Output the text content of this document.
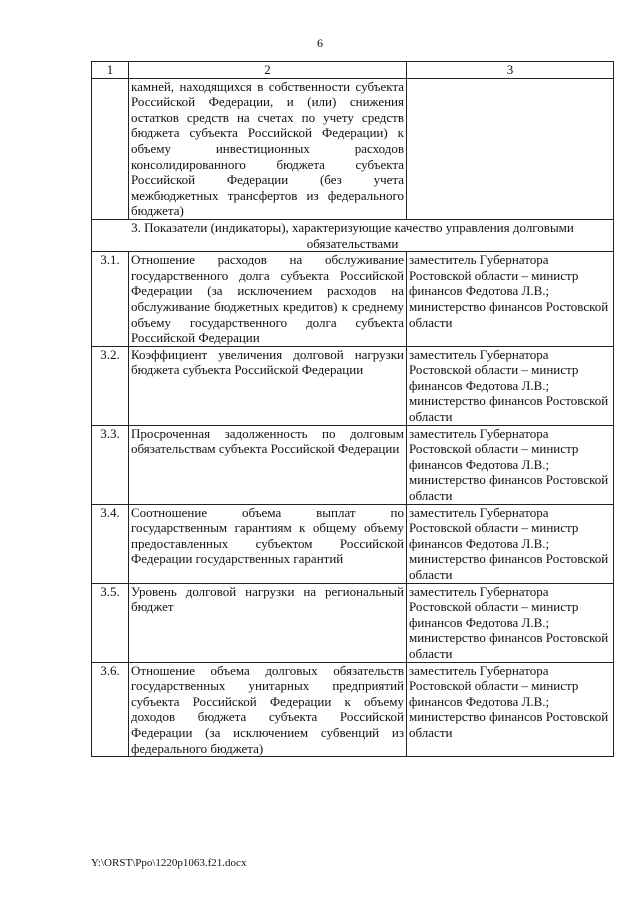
6
1	2	3
	камней, находящихся в собственности субъекта Российской Федерации, и (или) снижения остатков средств на счетах по учету средств бюджета субъекта Российской Федерации) к объему инвестиционных расходов консолидированного бюджета субъекта Российской Федерации (без учета межбюджетных трансфертов из федерального бюджета)	
3. Показатели (индикаторы), характеризующие качество управления долговыми обязательствами		
3.1.	Отношение расходов на обслуживание государственного долга субъекта Российской Федерации (за исключением расходов на обслуживание бюджетных кредитов) к среднему объему государственного долга субъекта Российской Федерации	заместитель Губернатора Ростовской области – министр финансов Федотова Л.В.; министерство финансов Ростовской области
3.2.	Коэффициент увеличения долговой нагрузки бюджета субъекта Российской Федерации	заместитель Губернатора Ростовской области – министр финансов Федотова Л.В.; министерство финансов Ростовской области
3.3.	Просроченная задолженность по долговым обязательствам субъекта Российской Федерации	заместитель Губернатора Ростовской области – министр финансов Федотова Л.В.; министерство финансов Ростовской области
3.4.	Соотношение объема выплат по государственным гарантиям к общему объему предоставленных субъектом Российской Федерации государственных гарантий	заместитель Губернатора Ростовской области – министр финансов Федотова Л.В.; министерство финансов Ростовской области
3.5.	Уровень долговой нагрузки на региональный бюджет	заместитель Губернатора Ростовской области – министр финансов Федотова Л.В.; министерство финансов Ростовской области
3.6.	Отношение объема долговых обязательств государственных унитарных предприятий субъекта Российской Федерации к объему доходов бюджета субъекта Российской Федерации (за исключением субвенций из федерального бюджета)	заместитель Губернатора Ростовской области – министр финансов Федотова Л.В.; министерство финансов Ростовской области
Y:\ORST\Ppo\1220p1063.f21.docx
